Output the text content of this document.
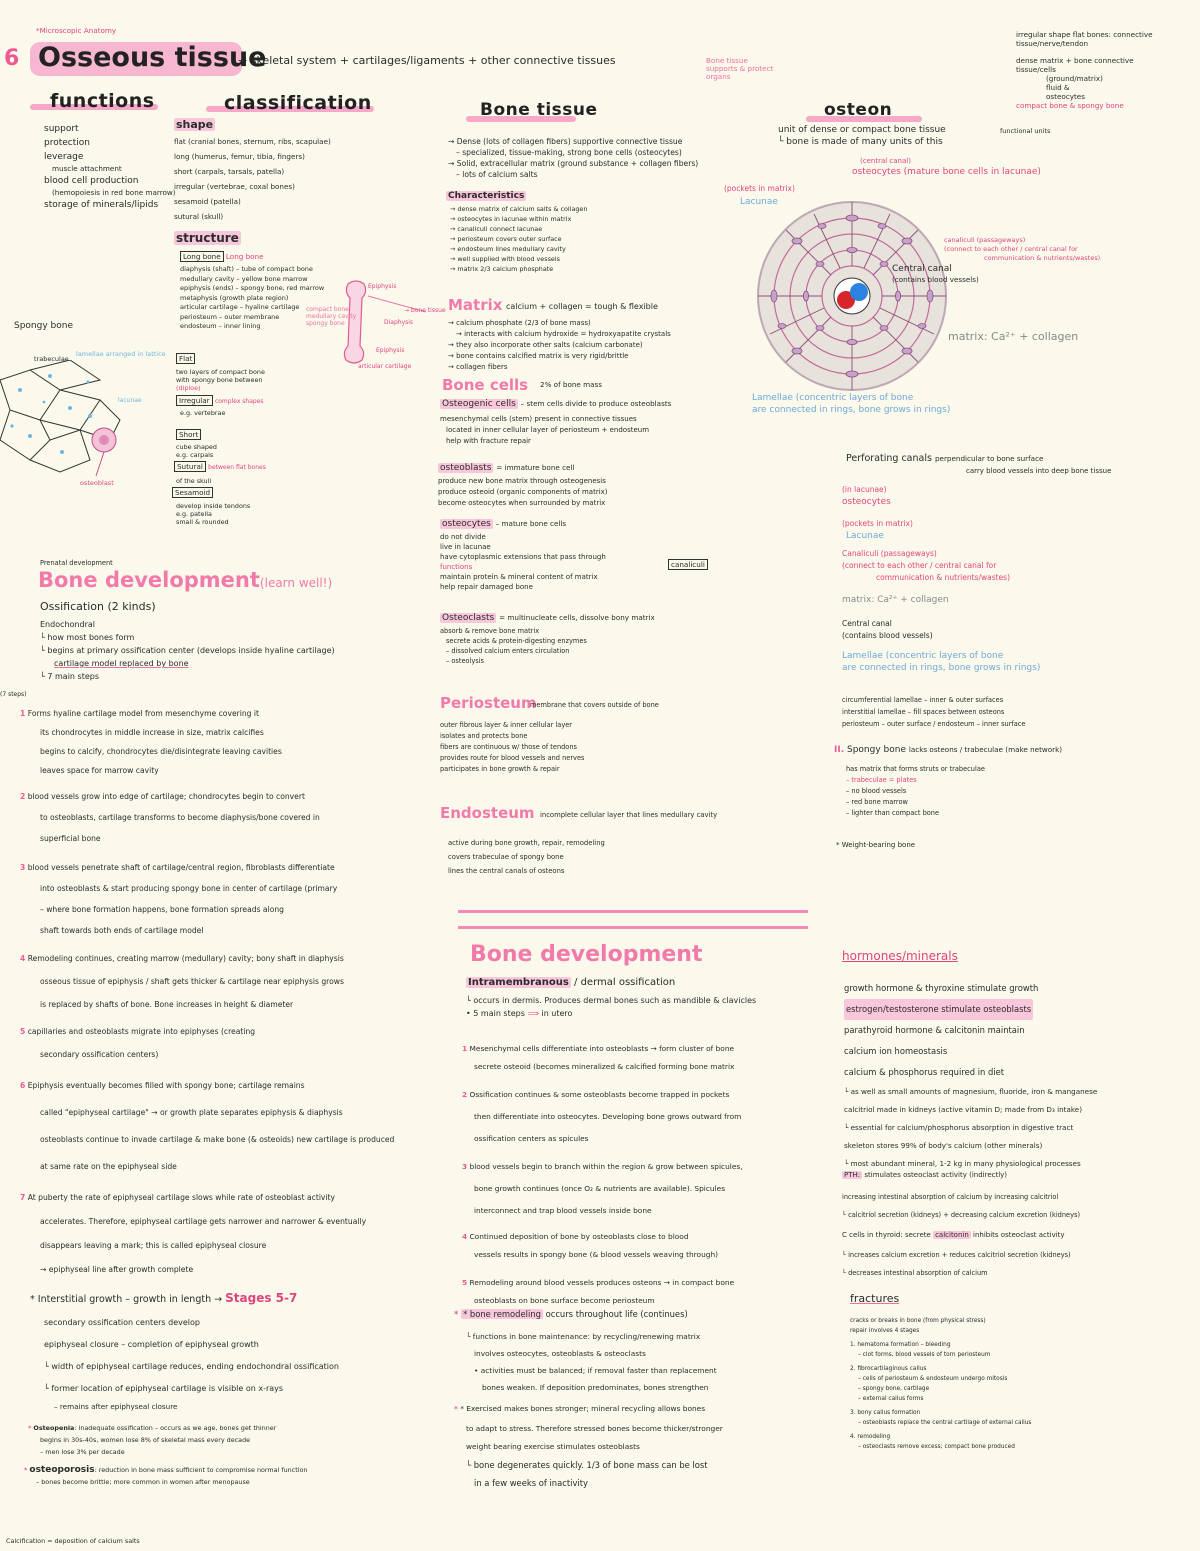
*Microscopic Anatomy
6 Osseous tissue
→ skeletal system + cartilages/ligaments + other connective tissues	Bone tissue
supports & protect
organs
irregular shape flat bones: connective
tissue/nerve/tendon
dense matrix + bone connective
tissue/cells
(ground/matrix)
fluid &
osteocytes
compact bone & spongy bone
functions
support
protection
leverage
muscle attachment
blood cell production
(hemopoiesis in red bone marrow)
storage of minerals/lipids
classification
shape
flat (cranial bones, sternum, ribs, scapulae)
long (humerus, femur, tibia, fingers)
short (carpals, tarsals, patella)
irregular (vertebrae, coxal bones)
sesamoid (patella)
sutural (skull)
structure
Long bone Long bone
diaphysis (shaft) – tube of compact bone
medullary cavity – yellow bone marrow
epiphysis (ends) – spongy bone, red marrow
metaphysis (growth plate region)
articular cartilage – hyaline cartilage
periosteum – outer membrane
endosteum – inner lining
Flat
two layers of compact bone
with spongy bone between
(diploe)
Irregular complex shapes
e.g. vertebrae
Short
cube shaped
e.g. carpals
Sutural between flat bones
of the skull
Sesamoid
develop inside tendons
e.g. patella
small & rounded
Epiphysis
Diaphysis
Epiphysis
articular cartilage
compact bone
medullary cavity
spongy bone
→ bone tissue
Spongy bone
trabeculae
lamellae arranged in lattice
lacunae
osteoblast
Bone tissue
→ Dense (lots of collagen fibers) supportive connective tissue
– specialized, tissue-making, strong bone cells (osteocytes)
→ Solid, extracellular matrix (ground substance + collagen fibers)
– lots of calcium salts
Characteristics
→ dense matrix of calcium salts & collagen
→ osteocytes in lacunae within matrix
→ canaliculi connect lacunae
→ periosteum covers outer surface
→ endosteum lines medullary cavity
→ well supplied with blood vessels
→ matrix 2/3 calcium phosphate
Matrix calcium + collagen = tough & flexible
→ calcium phosphate (2/3 of bone mass)
→ interacts with calcium hydroxide = hydroxyapatite crystals
→ they also incorporate other salts (calcium carbonate)
→ bone contains calcified matrix is very rigid/brittle
→ collagen fibers
Bone cells 2% of bone mass
Osteogenic cells – stem cells divide to produce osteoblasts
mesenchymal cells (stem) present in connective tissues
located in inner cellular layer of periosteum + endosteum
help with fracture repair
osteoblasts = immature bone cell
produce new bone matrix through osteogenesis
produce osteoid (organic components of matrix)
become osteocytes when surrounded by matrix
osteocytes – mature bone cells
do not divide
live in lacunae
have cytoplasmic extensions that pass through
functions
maintain protein & mineral content of matrix
help repair damaged bone
canaliculi
Osteoclasts = multinucleate cells, dissolve bony matrix
absorb & remove bone matrix
secrete acids & protein-digesting enzymes
– dissolved calcium enters circulation
– osteolysis
Periosteum
membrane that covers outside of bone
outer fibrous layer & inner cellular layer
isolates and protects bone
fibers are continuous w/ those of tendons
provides route for blood vessels and nerves
participates in bone growth & repair
Endosteum incomplete cellular layer that lines medullary cavity
active during bone growth, repair, remodeling
covers trabeculae of spongy bone
lines the central canals of osteons
osteon
unit of dense or compact bone tissue
└ bone is made of many units of this
functional units
(central canal)
osteocytes (mature bone cells in lacunae)
(pockets in matrix)
Lacunae
canaliculi (passageways)
(connect to each other / central canal for
communication & nutrients/wastes)
Central canal
(contains blood vessels)
matrix: Ca²⁺ + collagen
Lamellae (concentric layers of bone
are connected in rings, bone grows in rings)
Perforating canals perpendicular to bone surface
carry blood vessels into deep bone tissue
(in lacunae)
osteocytes
(pockets in matrix)
Lacunae
Canaliculi (passageways)
(connect to each other / central canal for
communication & nutrients/wastes)
matrix: Ca²⁺ + collagen
Central canal
(contains blood vessels)
Lamellae (concentric layers of bone
are connected in rings, bone grows in rings)
circumferential lamellae – inner & outer surfaces
interstitial lamellae – fill spaces between osteons
periosteum – outer surface / endosteum – inner surface
II. Spongy bone lacks osteons / trabeculae (make network)
has matrix that forms struts or trabeculae
– trabeculae = plates
– no blood vessels
– red bone marrow
– lighter than compact bone
* Weight-bearing bone
Prenatal development
Bone development(learn well!)
Ossification (2 kinds)
Endochondral
└ how most bones form
└ begins at primary ossification center (develops inside hyaline cartilage)
cartilage model replaced by bone
└ 7 main steps
(7 steps)
1 Forms hyaline cartilage model from mesenchyme covering it
its chondrocytes in middle increase in size, matrix calcifies
begins to calcify, chondrocytes die/disintegrate leaving cavities
leaves space for marrow cavity
2 blood vessels grow into edge of cartilage; chondrocytes begin to convert
to osteoblasts, cartilage transforms to become diaphysis/bone covered in
superficial bone
3 blood vessels penetrate shaft of cartilage/central region, fibroblasts differentiate
into osteoblasts & start producing spongy bone in center of cartilage (primary
– where bone formation happens, bone formation spreads along
shaft towards both ends of cartilage model
4 Remodeling continues, creating marrow (medullary) cavity; bony shaft in diaphysis
osseous tissue of epiphysis / shaft gets thicker & cartilage near epiphysis grows
is replaced by shafts of bone. Bone increases in height & diameter
5 capillaries and osteoblasts migrate into epiphyses (creating
secondary ossification centers)
6 Epiphysis eventually becomes filled with spongy bone; cartilage remains
called "epiphyseal cartilage" → or growth plate separates epiphysis & diaphysis
osteoblasts continue to invade cartilage & make bone (& osteoids) new cartilage is produced
at same rate on the epiphyseal side
7 At puberty the rate of epiphyseal cartilage slows while rate of osteoblast activity
accelerates. Therefore, epiphyseal cartilage gets narrower and narrower & eventually
disappears leaving a mark; this is called epiphyseal closure
→ epiphyseal line after growth complete
* Interstitial growth – growth in length → Stages 5-7
secondary ossification centers develop
epiphyseal closure – completion of epiphyseal growth
└ width of epiphyseal cartilage reduces, ending endochondral ossification
└ former location of epiphyseal cartilage is visible on x-rays
– remains after epiphyseal closure
* Osteopenia: inadequate ossification – occurs as we age, bones get thinner
begins in 30s-40s, women lose 8% of skeletal mass every decade
– men lose 3% per decade
* osteoporosis: reduction in bone mass sufficient to compromise normal function
– bones become brittle; more common in women after menopause
Calcification = deposition of calcium salts
Bone development
Intramembranous / dermal ossification
└ occurs in dermis. Produces dermal bones such as mandible & clavicles
• 5 main steps ⟹ in utero
1 Mesenchymal cells differentiate into osteoblasts → form cluster of bone
secrete osteoid (becomes mineralized & calcified forming bone matrix
2 Ossification continues & some osteoblasts become trapped in pockets
then differentiate into osteocytes. Developing bone grows outward from
ossification centers as spicules
3 blood vessels begin to branch within the region & grow between spicules,
bone growth continues (once O₂ & nutrients are available). Spicules
interconnect and trap blood vessels inside bone
4 Continued deposition of bone by osteoblasts close to blood
vessels results in spongy bone (& blood vessels weaving through)
5 Remodeling around blood vessels produces osteons → in compact bone
osteoblasts on bone surface become periosteum
* * bone remodeling occurs throughout life (continues)
└ functions in bone maintenance: by recycling/renewing matrix
involves osteocytes, osteoblasts & osteoclasts
• activities must be balanced; if removal faster than replacement
bones weaken. If deposition predominates, bones strengthen
* * Exercised makes bones stronger; mineral recycling allows bones
to adapt to stress. Therefore stressed bones become thicker/stronger
weight bearing exercise stimulates osteoblasts
└ bone degenerates quickly. 1/3 of bone mass can be lost
in a few weeks of inactivity
hormones/minerals
growth hormone & thyroxine stimulate growth
estrogen/testosterone stimulate osteoblasts
parathyroid hormone & calcitonin maintain
calcium ion homeostasis
calcium & phosphorus required in diet
└ as well as small amounts of magnesium, fluoride, iron & manganese
calcitriol made in kidneys (active vitamin D; made from D₃ intake)
└ essential for calcium/phosphorus absorption in digestive tract
skeleton stores 99% of body's calcium (other minerals)
└ most abundant mineral, 1-2 kg in many physiological processes
PTH: stimulates osteoclast activity (indirectly)
increasing intestinal absorption of calcium by increasing calcitriol
└ calcitriol secretion (kidneys) + decreasing calcium excretion (kidneys)
C cells in thyroid: secrete calcitonin inhibits osteoclast activity
└ increases calcium excretion + reduces calcitriol secretion (kidneys)
└ decreases intestinal absorption of calcium
fractures
cracks or breaks in bone (from physical stress)
repair involves 4 stages
1. hematoma formation – bleeding
– clot forms, blood vessels of torn periosteum
2. fibrocartilaginous callus
– cells of periosteum & endosteum undergo mitosis
– spongy bone, cartilage
– external callus forms
3. bony callus formation
– osteoblasts replace the central cartilage of external callus
4. remodeling
– osteoclasts remove excess; compact bone produced
